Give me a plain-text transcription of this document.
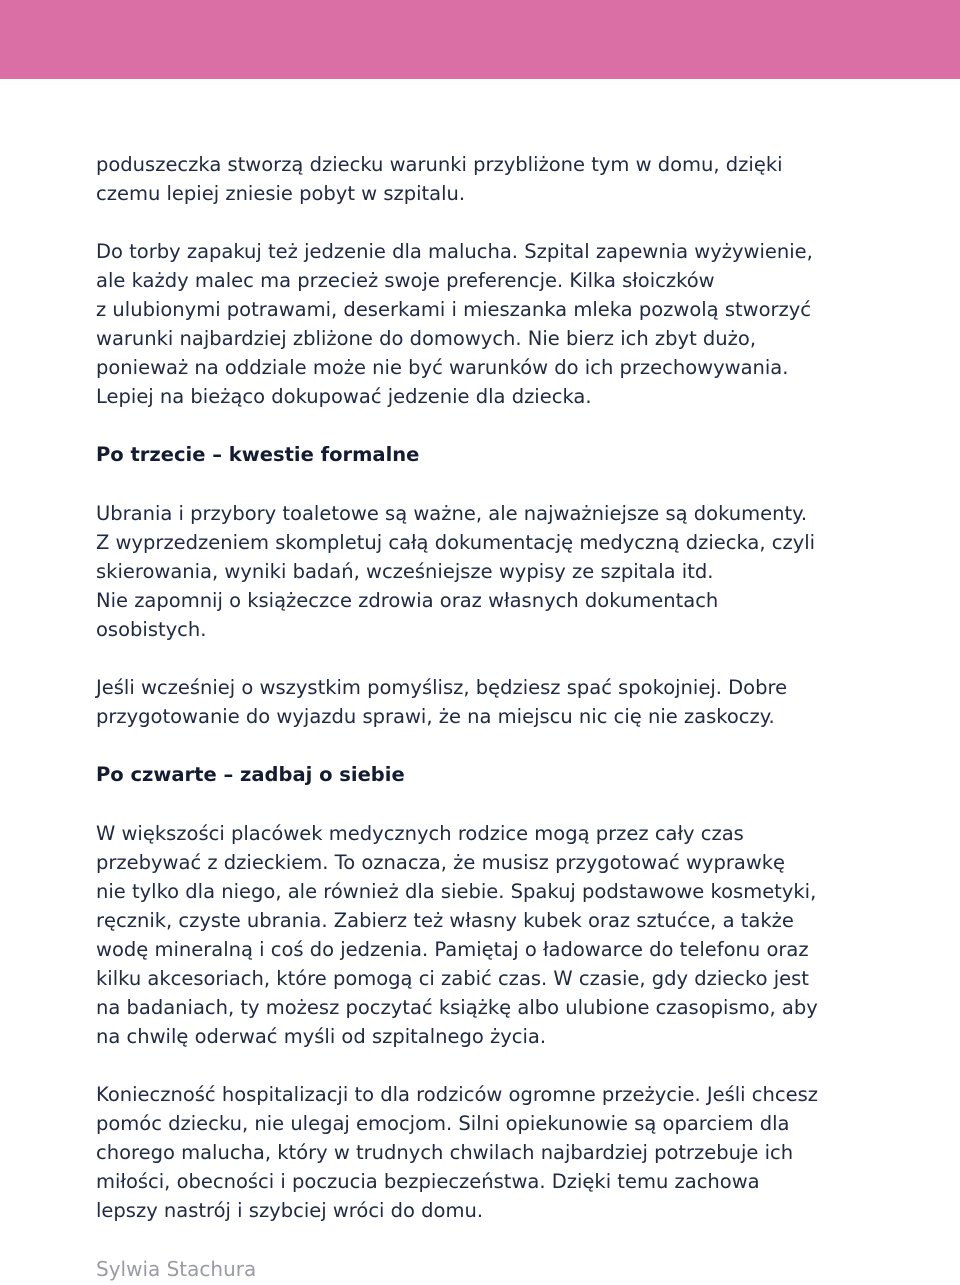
poduszeczka stworzą dziecku warunki przybliżone tym w domu, dzięki
czemu lepiej zniesie pobyt w szpitalu.

Do torby zapakuj też jedzenie dla malucha. Szpital zapewnia wyżywienie,
ale każdy malec ma przecież swoje preferencje. Kilka słoiczków
z ulubionymi potrawami, deserkami i mieszanka mleka pozwolą stworzyć
warunki najbardziej zbliżone do domowych. Nie bierz ich zbyt dużo,
ponieważ na oddziale może nie być warunków do ich przechowywania.
Lepiej na bieżąco dokupować jedzenie dla dziecka.

Po trzecie – kwestie formalne

Ubrania i przybory toaletowe są ważne, ale najważniejsze są dokumenty.
Z wyprzedzeniem skompletuj całą dokumentację medyczną dziecka, czyli
skierowania, wyniki badań, wcześniejsze wypisy ze szpitala itd.
Nie zapomnij o książeczce zdrowia oraz własnych dokumentach
osobistych.

Jeśli wcześniej o wszystkim pomyślisz, będziesz spać spokojniej. Dobre
przygotowanie do wyjazdu sprawi, że na miejscu nic cię nie zaskoczy.

Po czwarte – zadbaj o siebie

W większości placówek medycznych rodzice mogą przez cały czas
przebywać z dzieckiem. To oznacza, że musisz przygotować wyprawkę
nie tylko dla niego, ale również dla siebie. Spakuj podstawowe kosmetyki,
ręcznik, czyste ubrania. Zabierz też własny kubek oraz sztućce, a także
wodę mineralną i coś do jedzenia. Pamiętaj o ładowarce do telefonu oraz
kilku akcesoriach, które pomogą ci zabić czas. W czasie, gdy dziecko jest
na badaniach, ty możesz poczytać książkę albo ulubione czasopismo, aby
na chwilę oderwać myśli od szpitalnego życia.

Konieczność hospitalizacji to dla rodziców ogromne przeżycie. Jeśli chcesz
pomóc dziecku, nie ulegaj emocjom. Silni opiekunowie są oparciem dla
chorego malucha, który w trudnych chwilach najbardziej potrzebuje ich
miłości, obecności i poczucia bezpieczeństwa. Dzięki temu zachowa
lepszy nastrój i szybciej wróci do domu.

Sylwia Stachura
